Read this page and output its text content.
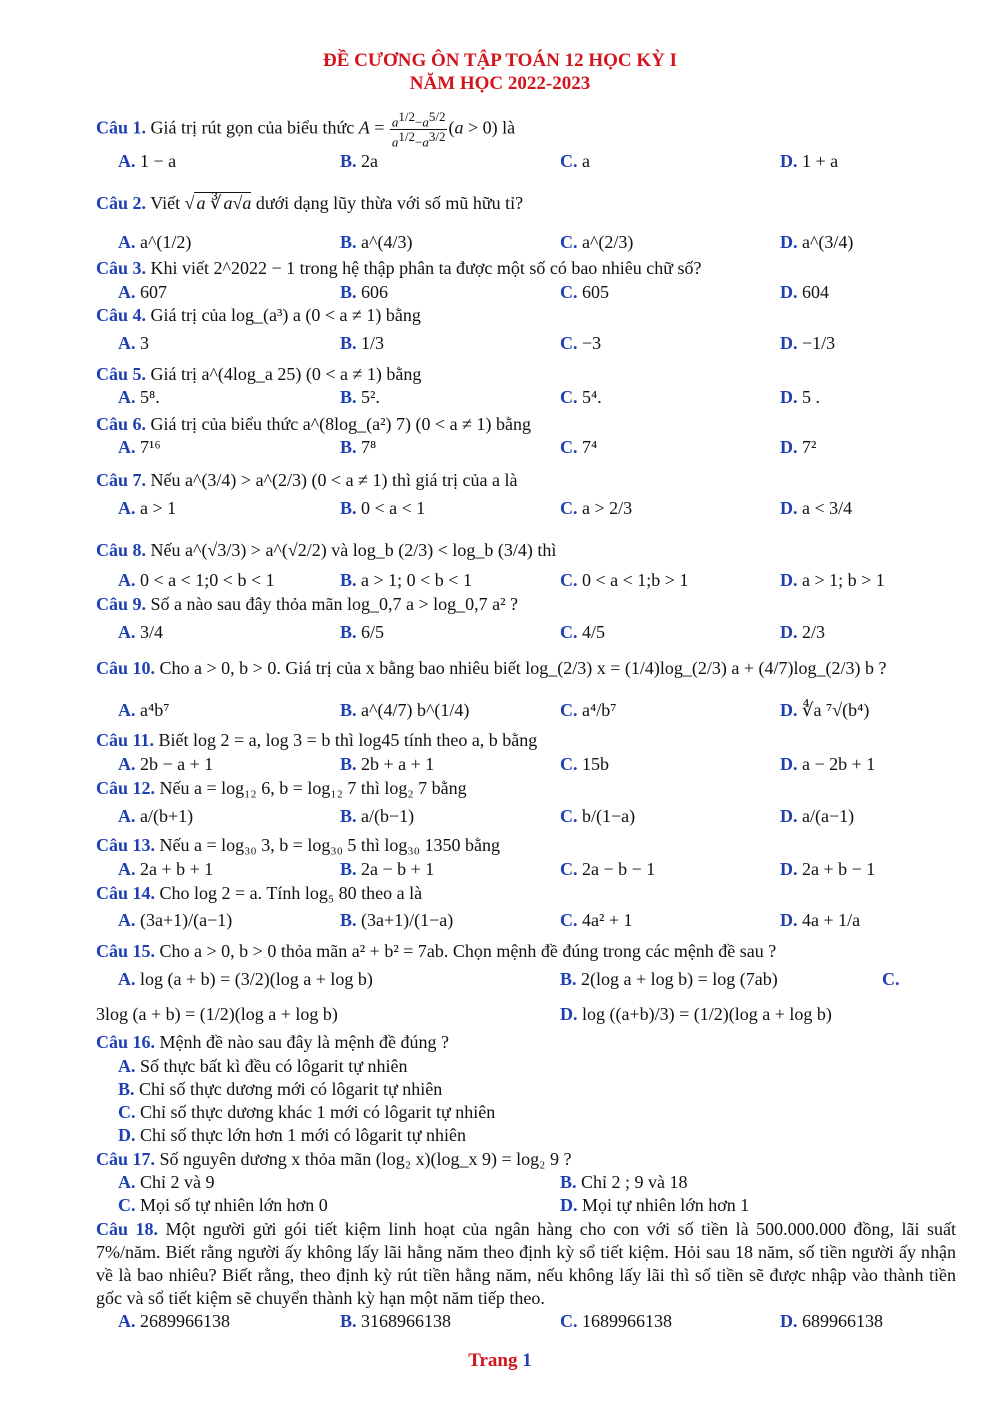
ĐỀ CƯƠNG ÔN TẬP TOÁN 12 HỌC KỲ I
NĂM HỌC 2022-2023
Câu 1. Giá trị rút gọn của biểu thức $A = \frac{a^{1/2}-a^{5/2}}{a^{1/2}-a^{3/2}} (a > 0)$ là
A. 1 − a	B. 2a	C. a	D. 1 + a
Câu 2. Viết √ a ∛ a√a dưới dạng lũy thừa với số mũ hữu tỉ?
A. a^(1/2)	B. a^(4/3)	C. a^(2/3)	D. a^(3/4)
Câu 3. Khi viết 2^2022 − 1 trong hệ thập phân ta được một số có bao nhiêu chữ số?
A. 607	B. 606	C. 605	D. 604
Câu 4. Giá trị của log_(a³) a (0 < a ≠ 1) bằng
A. 3	B. 1/3	C. −3	D. −1/3
Câu 5. Giá trị a^(4log_a 25) (0 < a ≠ 1) bằng
A. 5⁸.	B. 5².	C. 5⁴.	D. 5 .
Câu 6. Giá trị của biểu thức a^(8log_(a²) 7) (0 < a ≠ 1) bằng
A. 7¹⁶	B. 7⁸	C. 7⁴	D. 7²
Câu 7. Nếu a^(3/4) > a^(2/3) (0 < a ≠ 1) thì giá trị của a là
A. a > 1	B. 0 < a < 1	C. a > 2/3	D. a < 3/4
Câu 8. Nếu a^(√3/3) > a^(√2/2) và log_b (2/3) < log_b (3/4) thì
A. 0 < a < 1;0 < b < 1	B. a > 1; 0 < b < 1	C. 0 < a < 1;b > 1	D. a > 1; b > 1
Câu 9. Số a nào sau đây thỏa mãn log_0,7 a > log_0,7 a² ?
A. 3/4	B. 6/5	C. 4/5	D. 2/3
Câu 10. Cho a > 0, b > 0. Giá trị của x bằng bao nhiêu biết log_(2/3) x = (1/4)log_(2/3) a + (4/7)log_(2/3) b ?
A. a⁴b⁷	B. a^(4/7) b^(1/4)	C. a⁴/b⁷	D. ∜a ⁷√(b⁴)
Câu 11. Biết log 2 = a, log 3 = b thì log45 tính theo a, b bằng
A. 2b − a + 1	B. 2b + a + 1	C. 15b	D. a − 2b + 1
Câu 12. Nếu a = log₁₂ 6, b = log₁₂ 7 thì log₂ 7 bằng
A. a/(b+1)	B. a/(b−1)	C. b/(1−a)	D. a/(a−1)
Câu 13. Nếu a = log₃₀ 3, b = log₃₀ 5 thì log₃₀ 1350 bằng
A. 2a + b + 1	B. 2a − b + 1	C. 2a − b − 1	D. 2a + b − 1
Câu 14. Cho log 2 = a. Tính log₅ 80 theo a là
A. (3a+1)/(a−1)	B. (3a+1)/(1−a)	C. 4a² + 1	D. 4a + 1/a
Câu 15. Cho a > 0, b > 0 thỏa mãn a² + b² = 7ab. Chọn mệnh đề đúng trong các mệnh đề sau ?
A. log (a + b) = (3/2)(log a + log b)	B. 2(log a + log b) = log (7ab)	C.
3log (a + b) = (1/2)(log a + log b)	D. log ((a+b)/3) = (1/2)(log a + log b)
Câu 16. Mệnh đề nào sau đây là mệnh đề đúng ?
A. Số thực bất kì đều có lôgarit tự nhiên
B. Chỉ số thực dương mới có lôgarit tự nhiên
C. Chỉ số thực dương khác 1 mới có lôgarit tự nhiên
D. Chỉ số thực lớn hơn 1 mới có lôgarit tự nhiên
Câu 17. Số nguyên dương x thỏa mãn (log₂ x)(log_x 9) = log₂ 9 ?
A. Chỉ 2 và 9	B. Chỉ 2 ; 9 và 18
C. Mọi số tự nhiên lớn hơn 0	D. Mọi tự nhiên lớn hơn 1
Câu 18. Một người gửi gói tiết kiệm linh hoạt của ngân hàng cho con với số tiền là 500.000.000 đồng, lãi suất 7%/năm. Biết rằng người ấy không lấy lãi hằng năm theo định kỳ sổ tiết kiệm. Hỏi sau 18 năm, số tiền người ấy nhận về là bao nhiêu? Biết rằng, theo định kỳ rút tiền hằng năm, nếu không lấy lãi thì số tiền sẽ được nhập vào thành tiền gốc và sổ tiết kiệm sẽ chuyển thành kỳ hạn một năm tiếp theo.
A. 2689966138	B. 3168966138	C. 1689966138	D. 689966138
Trang 1
